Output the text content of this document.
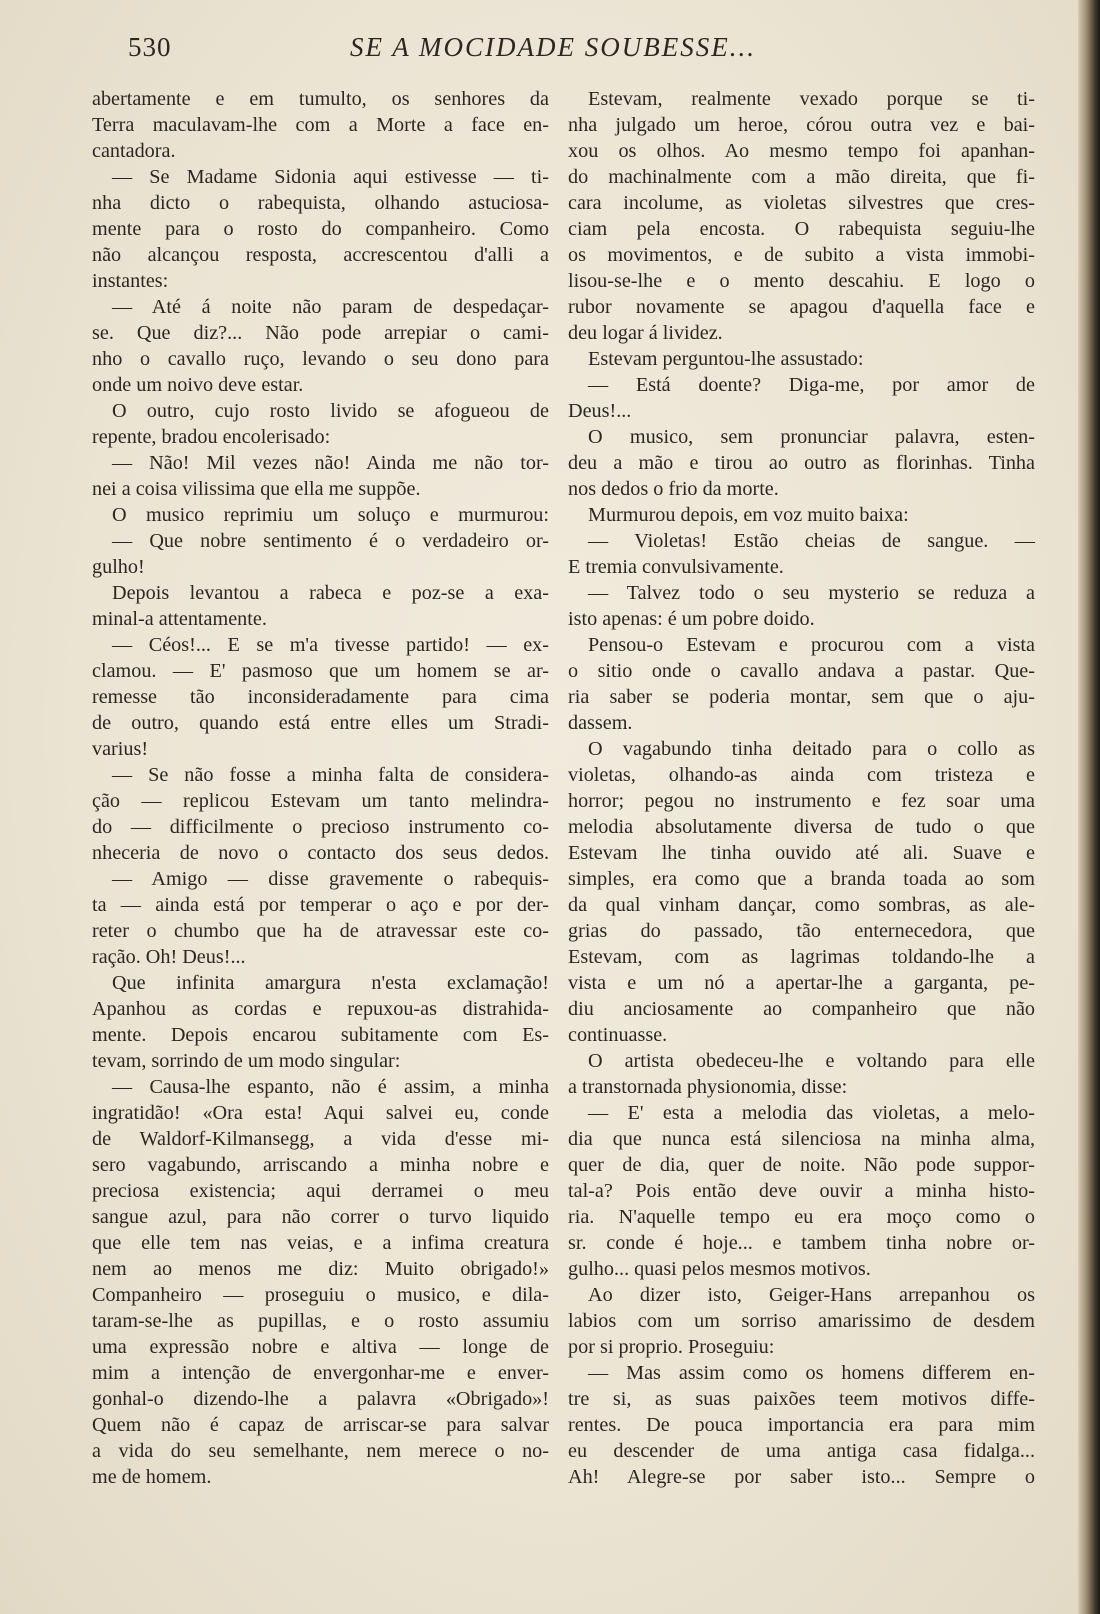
530	SE A MOCIDADE SOUBESSE...
abertamente e em tumulto, os senhores da
Terra maculavam-lhe com a Morte a face en-
cantadora.
— Se Madame Sidonia aqui estivesse — ti-
nha dicto o rabequista, olhando astuciosa-
mente para o rosto do companheiro. Como
não alcançou resposta, accrescentou d'alli a
instantes:
— Até á noite não param de despedaçar-
se. Que diz?... Não pode arrepiar o cami-
nho o cavallo ruço, levando o seu dono para
onde um noivo deve estar.
O outro, cujo rosto livido se afogueou de
repente, bradou encolerisado:
— Não! Mil vezes não! Ainda me não tor-
nei a coisa vilissima que ella me suppõe.
O musico reprimiu um soluço e murmurou:
— Que nobre sentimento é o verdadeiro or-
gulho!
Depois levantou a rabeca e poz-se a exa-
minal-a attentamente.
— Céos!... E se m'a tivesse partido! — ex-
clamou. — E' pasmoso que um homem se ar-
remesse tão inconsideradamente para cima
de outro, quando está entre elles um Stradi-
varius!
— Se não fosse a minha falta de considera-
ção — replicou Estevam um tanto melindra-
do — difficilmente o precioso instrumento co-
nheceria de novo o contacto dos seus dedos.
— Amigo — disse gravemente o rabequis-
ta — ainda está por temperar o aço e por der-
reter o chumbo que ha de atravessar este co-
ração. Oh! Deus!...
Que infinita amargura n'esta exclamação!
Apanhou as cordas e repuxou-as distrahida-
mente. Depois encarou subitamente com Es-
tevam, sorrindo de um modo singular:
— Causa-lhe espanto, não é assim, a minha
ingratidão! «Ora esta! Aqui salvei eu, conde
de Waldorf-Kilmansegg, a vida d'esse mi-
sero vagabundo, arriscando a minha nobre e
preciosa existencia; aqui derramei o meu
sangue azul, para não correr o turvo liquido
que elle tem nas veias, e a infima creatura
nem ao menos me diz: Muito obrigado!»
Companheiro — proseguiu o musico, e dila-
taram-se-lhe as pupillas, e o rosto assumiu
uma expressão nobre e altiva — longe de
mim a intenção de envergonhar-me e enver-
gonhal-o dizendo-lhe a palavra «Obrigado»!
Quem não é capaz de arriscar-se para salvar
a vida do seu semelhante, nem merece o no-
me de homem.
Estevam, realmente vexado porque se ti-
nha julgado um heroe, córou outra vez e bai-
xou os olhos. Ao mesmo tempo foi apanhan-
do machinalmente com a mão direita, que fi-
cara incolume, as violetas silvestres que cres-
ciam pela encosta. O rabequista seguiu-lhe
os movimentos, e de subito a vista immobi-
lisou-se-lhe e o mento descahiu. E logo o
rubor novamente se apagou d'aquella face e
deu logar á lividez.
Estevam perguntou-lhe assustado:
— Está doente? Diga-me, por amor de
Deus!...
O musico, sem pronunciar palavra, esten-
deu a mão e tirou ao outro as florinhas. Tinha
nos dedos o frio da morte.
Murmurou depois, em voz muito baixa:
— Violetas! Estão cheias de sangue. —
E tremia convulsivamente.
— Talvez todo o seu mysterio se reduza a
isto apenas: é um pobre doido.
Pensou-o Estevam e procurou com a vista
o sitio onde o cavallo andava a pastar. Que-
ria saber se poderia montar, sem que o aju-
dassem.
O vagabundo tinha deitado para o collo as
violetas, olhando-as ainda com tristeza e
horror; pegou no instrumento e fez soar uma
melodia absolutamente diversa de tudo o que
Estevam lhe tinha ouvido até ali. Suave e
simples, era como que a branda toada ao som
da qual vinham dançar, como sombras, as ale-
grias do passado, tão enternecedora, que
Estevam, com as lagrimas toldando-lhe a
vista e um nó a apertar-lhe a garganta, pe-
diu anciosamente ao companheiro que não
continuasse.
O artista obedeceu-lhe e voltando para elle
a transtornada physionomia, disse:
— E' esta a melodia das violetas, a melo-
dia que nunca está silenciosa na minha alma,
quer de dia, quer de noite. Não pode suppor-
tal-a? Pois então deve ouvir a minha histo-
ria. N'aquelle tempo eu era moço como o
sr. conde é hoje... e tambem tinha nobre or-
gulho... quasi pelos mesmos motivos.
Ao dizer isto, Geiger-Hans arrepanhou os
labios com um sorriso amarissimo de desdem
por si proprio. Proseguiu:
— Mas assim como os homens differem en-
tre si, as suas paixões teem motivos diffe-
rentes. De pouca importancia era para mim
eu descender de uma antiga casa fidalga...
Ah! Alegre-se por saber isto... Sempre o
